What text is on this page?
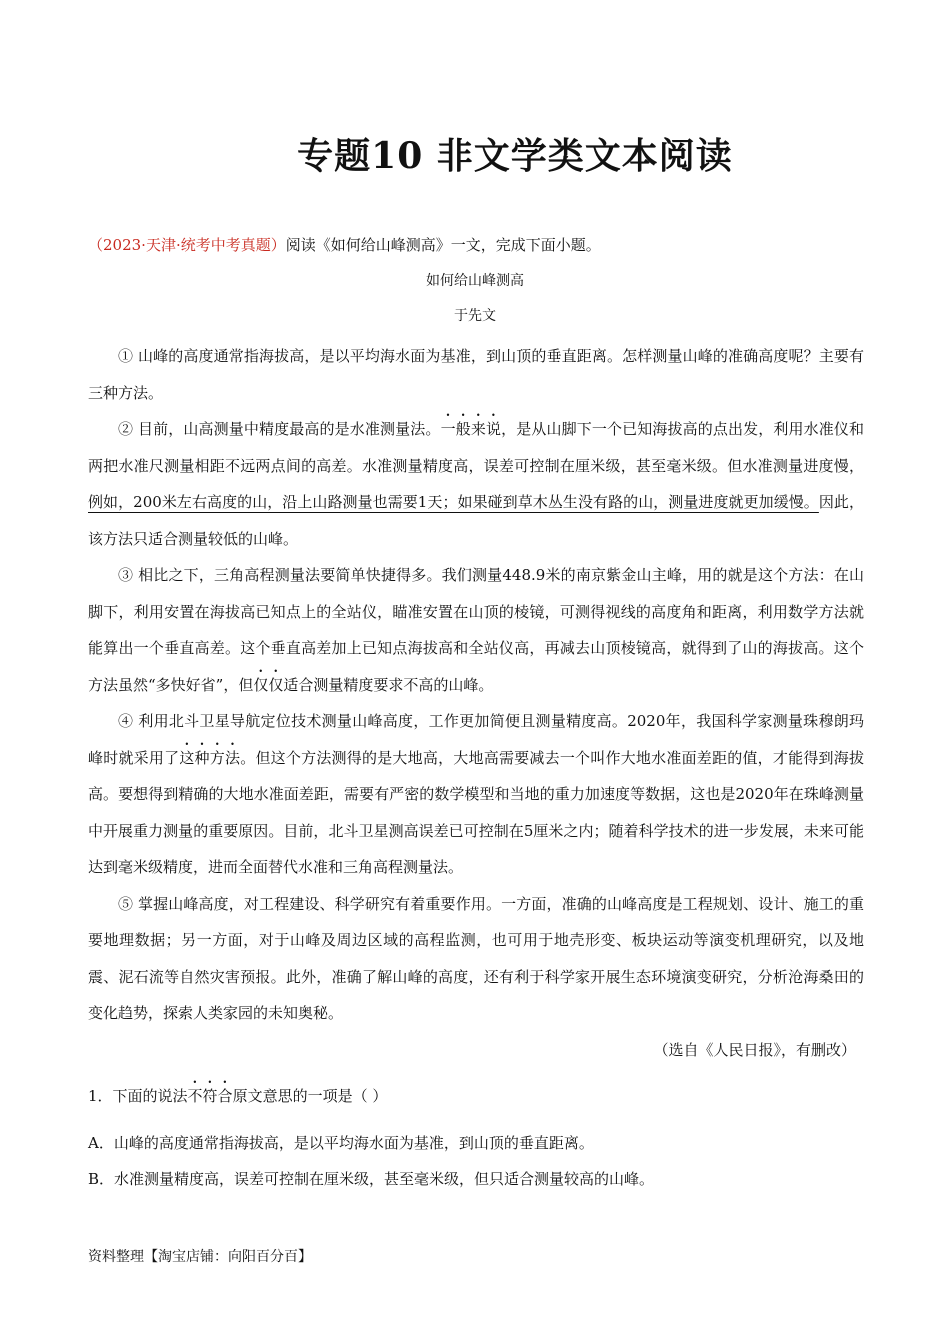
专题10 非文学类文本阅读
（2023·天津·统考中考真题）阅读《如何给山峰测高》一文，完成下面小题。
如何给山峰测高
于先文

① 山峰的高度通常指海拔高，是以平均海水面为基准，到山顶的垂直距离。怎样测量山峰的准确高度呢？主要有三种方法。

② 目前，山高测量中精度最高的是水准测量法。一般来说，是从山脚下一个已知海拔高的点出发，利用水准仪和两把水准尺测量相距不远两点间的高差。水准测量精度高，误差可控制在厘米级，甚至毫米级。但水准测量进度慢，例如，200米左右高度的山，沿上山路测量也需要1天；如果碰到草木丛生没有路的山，测量进度就更加缓慢。因此，该方法只适合测量较低的山峰。

③ 相比之下，三角高程测量法要简单快捷得多。我们测量448.9米的南京紫金山主峰，用的就是这个方法：在山脚下，利用安置在海拔高已知点上的全站仪，瞄准安置在山顶的棱镜，可测得视线的高度角和距离，利用数学方法就能算出一个垂直高差。这个垂直高差加上已知点海拔高和全站仪高，再减去山顶棱镜高，就得到了山的海拔高。这个方法虽然“多快好省”，但仅仅适合测量精度要求不高的山峰。

④ 利用北斗卫星导航定位技术测量山峰高度，工作更加简便且测量精度高。2020年，我国科学家测量珠穆朗玛峰时就采用了这种方法。但这个方法测得的是大地高，大地高需要减去一个叫作大地水准面差距的值，才能得到海拔高。要想得到精确的大地水准面差距，需要有严密的数学模型和当地的重力加速度等数据，这也是2020年在珠峰测量中开展重力测量的重要原因。目前，北斗卫星测高误差已可控制在5厘米之内；随着科学技术的进一步发展，未来可能达到毫米级精度，进而全面替代水准和三角高程测量法。

⑤ 掌握山峰高度，对工程建设、科学研究有着重要作用。一方面，准确的山峰高度是工程规划、设计、施工的重要地理数据；另一方面，对于山峰及周边区域的高程监测，也可用于地壳形变、板块运动等演变机理研究，以及地震、泥石流等自然灾害预报。此外，准确了解山峰的高度，还有利于科学家开展生态环境演变研究，分析沧海桑田的变化趋势，探索人类家园的未知奥秘。

（选自《人民日报》，有删改）

1．下面的说法不符合原文意思的一项是（ ）
A．山峰的高度通常指海拔高，是以平均海水面为基准，到山顶的垂直距离。
B．水准测量精度高，误差可控制在厘米级，甚至毫米级，但只适合测量较高的山峰。
资料整理【淘宝店铺：向阳百分百】
